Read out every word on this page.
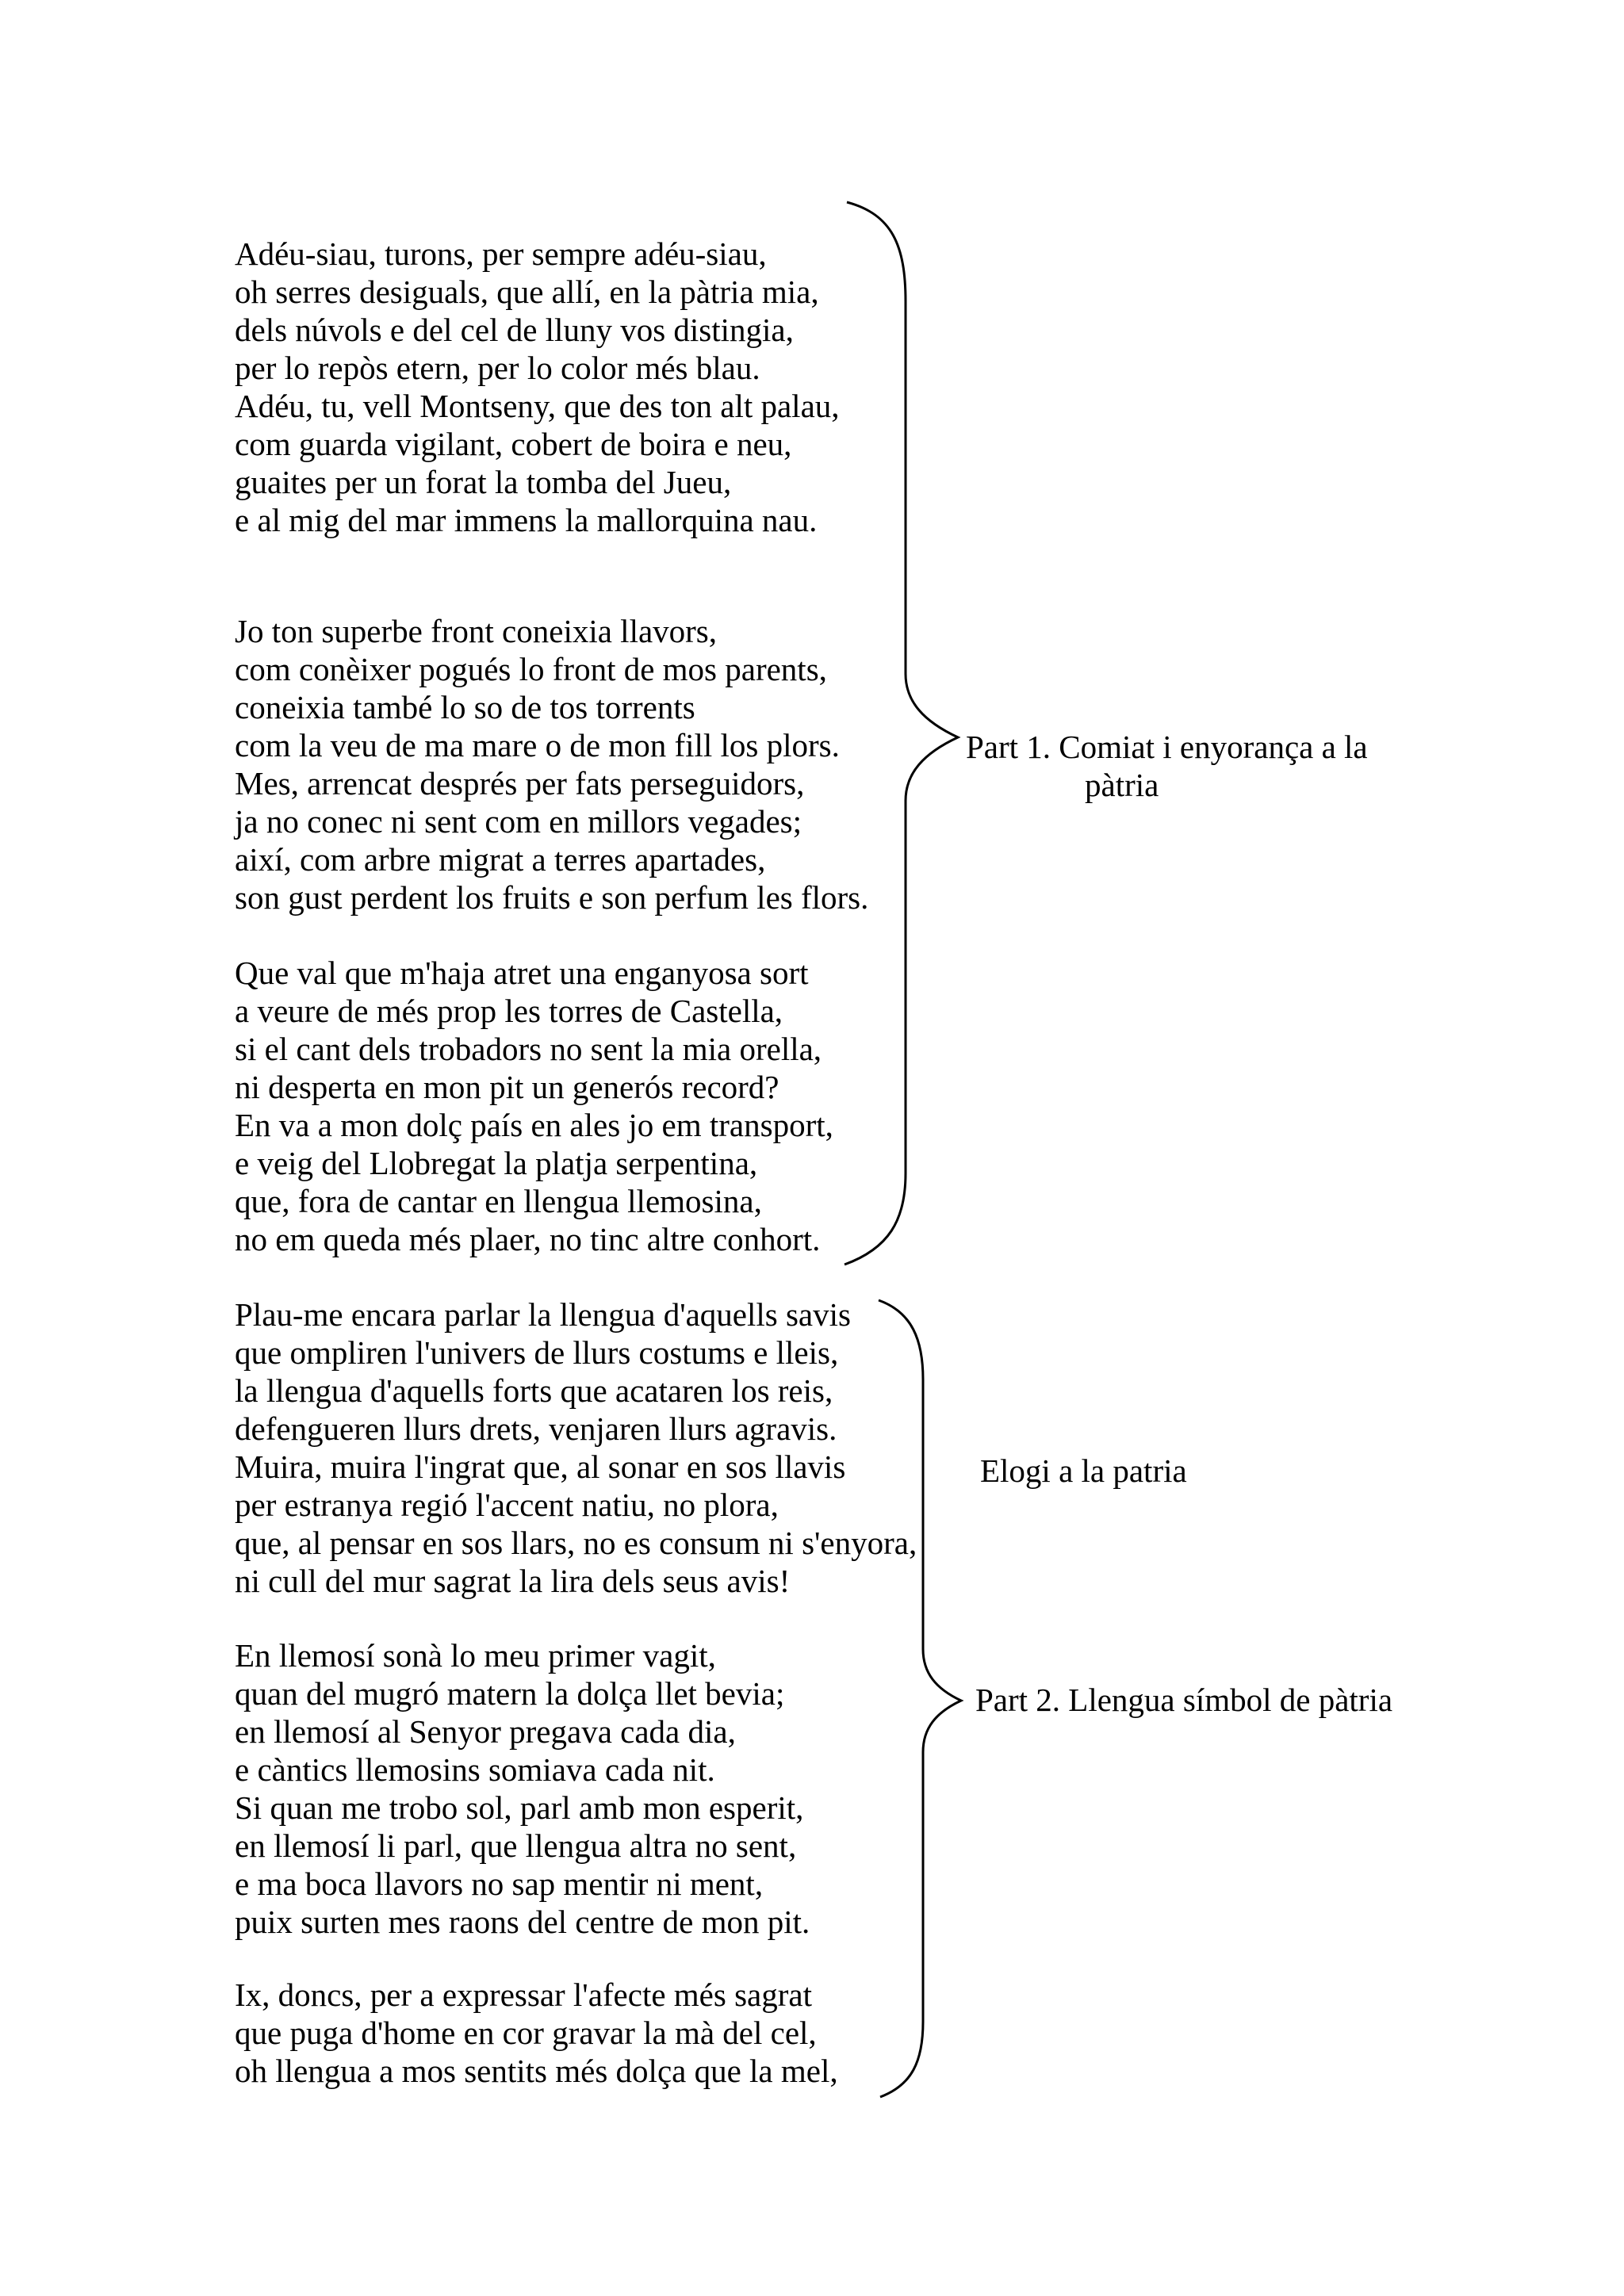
Adéu-siau, turons, per sempre adéu-siau,
oh serres desiguals, que allí, en la pàtria mia,
dels núvols e del cel de lluny vos distingia,
per lo repòs etern, per lo color més blau.
Adéu, tu, vell Montseny, que des ton alt palau,
com guarda vigilant, cobert de boira e neu,
guaites per un forat la tomba del Jueu,
e al mig del mar immens la mallorquina nau.
Jo ton superbe front coneixia llavors,
com conèixer pogués lo front de mos parents,
coneixia també lo so de tos torrents
com la veu de ma mare o de mon fill los plors.
Mes, arrencat després per fats perseguidors,
ja no conec ni sent com en millors vegades;
així, com arbre migrat a terres apartades,
son gust perdent los fruits e son perfum les flors.
Que val que m'haja atret una enganyosa sort
a veure de més prop les torres de Castella,
si el cant dels trobadors no sent la mia orella,
ni desperta en mon pit un generós record?
En va a mon dolç país en ales jo em transport,
e veig del Llobregat la platja serpentina,
que, fora de cantar en llengua llemosina,
no em queda més plaer, no tinc altre conhort.
Plau-me encara parlar la llengua d'aquells savis
que ompliren l'univers de llurs costums e lleis,
la llengua d'aquells forts que acataren los reis,
defengueren llurs drets, venjaren llurs agravis.
Muira, muira l'ingrat que, al sonar en sos llavis
per estranya regió l'accent natiu, no plora,
que, al pensar en sos llars, no es consum ni s'enyora,
ni cull del mur sagrat la lira dels seus avis!
En llemosí sonà lo meu primer vagit,
quan del mugró matern la dolça llet bevia;
en llemosí al Senyor pregava cada dia,
e càntics llemosins somiava cada nit.
Si quan me trobo sol, parl amb mon esperit,
en llemosí li parl, que llengua altra no sent,
e ma boca llavors no sap mentir ni ment,
puix surten mes raons del centre de mon pit.
Ix, doncs, per a expressar l'afecte més sagrat
que puga d'home en cor gravar la mà del cel,
oh llengua a mos sentits més dolça que la mel,
Part 1. Comiat i enyorança a la
pàtria
Elogi a la patria
Part 2. Llengua símbol de pàtria
